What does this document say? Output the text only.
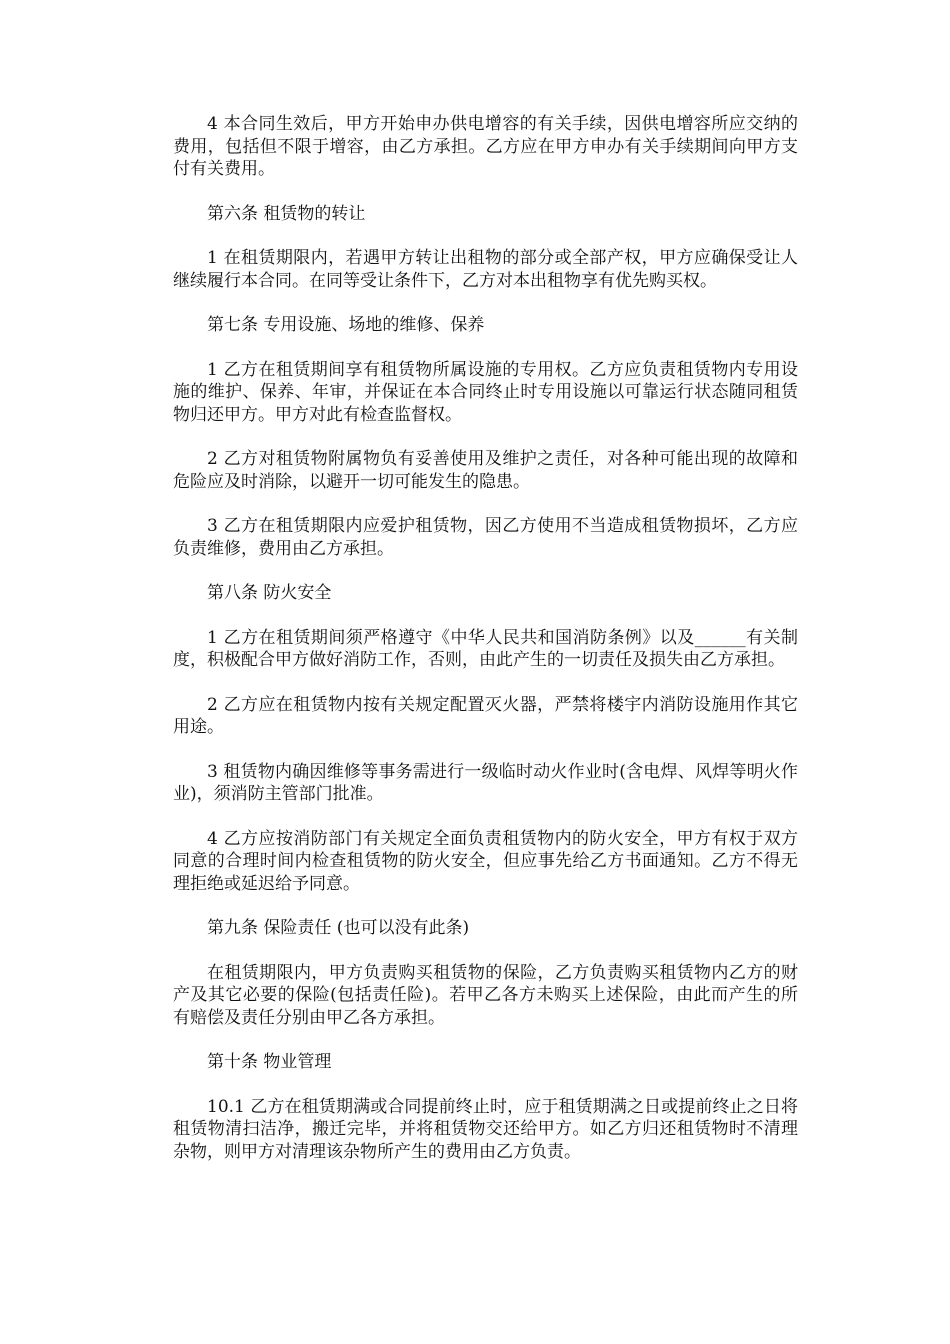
4 本合同生效后，甲方开始申办供电增容的有关手续，因供电增容所应交纳的费用，包括但不限于增容，由乙方承担。乙方应在甲方申办有关手续期间向甲方支付有关费用。

第六条 租赁物的转让

1 在租赁期限内，若遇甲方转让出租物的部分或全部产权，甲方应确保受让人继续履行本合同。在同等受让条件下，乙方对本出租物享有优先购买权。

第七条 专用设施、场地的维修、保养

1 乙方在租赁期间享有租赁物所属设施的专用权。乙方应负责租赁物内专用设施的维护、保养、年审，并保证在本合同终止时专用设施以可靠运行状态随同租赁物归还甲方。甲方对此有检查监督权。

2 乙方对租赁物附属物负有妥善使用及维护之责任，对各种可能出现的故障和危险应及时消除，以避开一切可能发生的隐患。

3 乙方在租赁期限内应爱护租赁物，因乙方使用不当造成租赁物损坏，乙方应负责维修，费用由乙方承担。

第八条 防火安全

1 乙方在租赁期间须严格遵守《中华人民共和国消防条例》以及______有关制度，积极配合甲方做好消防工作，否则，由此产生的一切责任及损失由乙方承担。

2 乙方应在租赁物内按有关规定配置灭火器，严禁将楼宇内消防设施用作其它用途。

3 租赁物内确因维修等事务需进行一级临时动火作业时(含电焊、风焊等明火作业)，须消防主管部门批准。

4 乙方应按消防部门有关规定全面负责租赁物内的防火安全，甲方有权于双方同意的合理时间内检查租赁物的防火安全，但应事先给乙方书面通知。乙方不得无理拒绝或延迟给予同意。

第九条 保险责任 (也可以没有此条)

在租赁期限内，甲方负责购买租赁物的保险，乙方负责购买租赁物内乙方的财产及其它必要的保险(包括责任险)。若甲乙各方未购买上述保险，由此而产生的所有赔偿及责任分别由甲乙各方承担。

第十条 物业管理

10.1 乙方在租赁期满或合同提前终止时，应于租赁期满之日或提前终止之日将租赁物清扫洁净，搬迁完毕，并将租赁物交还给甲方。如乙方归还租赁物时不清理杂物，则甲方对清理该杂物所产生的费用由乙方负责。
